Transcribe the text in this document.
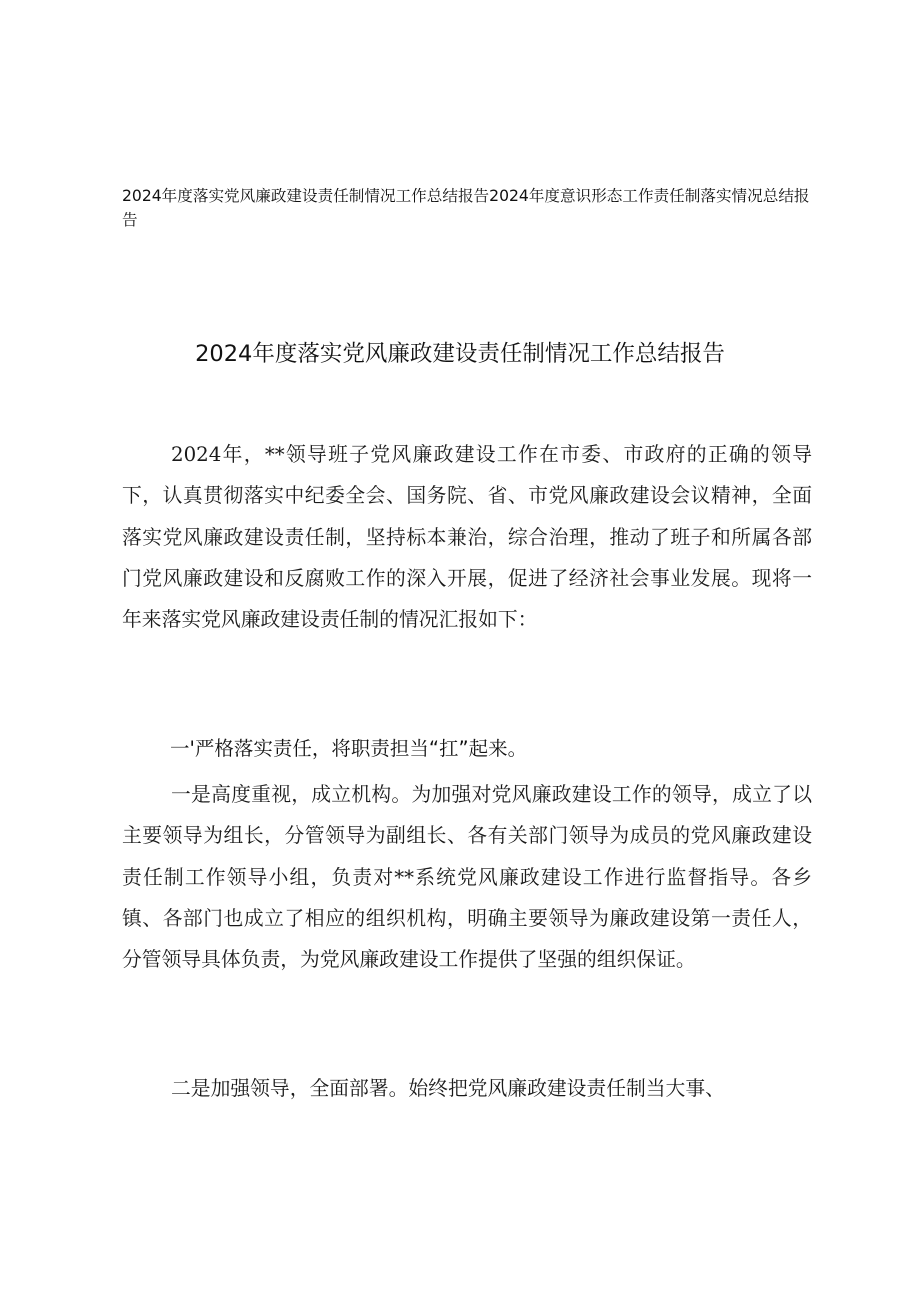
2024年度落实党风廉政建设责任制情况工作总结报告2024年度意识形态工作责任制落实情况总结报告

2024年度落实党风廉政建设责任制情况工作总结报告

2024年，**领导班子党风廉政建设工作在市委、市政府的正确的领导下，认真贯彻落实中纪委全会、国务院、省、市党风廉政建设会议精神，全面落实党风廉政建设责任制，坚持标本兼治，综合治理，推动了班子和所属各部门党风廉政建设和反腐败工作的深入开展，促进了经济社会事业发展。现将一年来落实党风廉政建设责任制的情况汇报如下：

一'严格落实责任，将职责担当“扛”起来。

一是高度重视，成立机构。为加强对党风廉政建设工作的领导，成立了以主要领导为组长，分管领导为副组长、各有关部门领导为成员的党风廉政建设责任制工作领导小组，负责对**系统党风廉政建设工作进行监督指导。各乡镇、各部门也成立了相应的组织机构，明确主要领导为廉政建设第一责任人，分管领导具体负责，为党风廉政建设工作提供了坚强的组织保证。

二是加强领导，全面部署。始终把党风廉政建设责任制当大事、
